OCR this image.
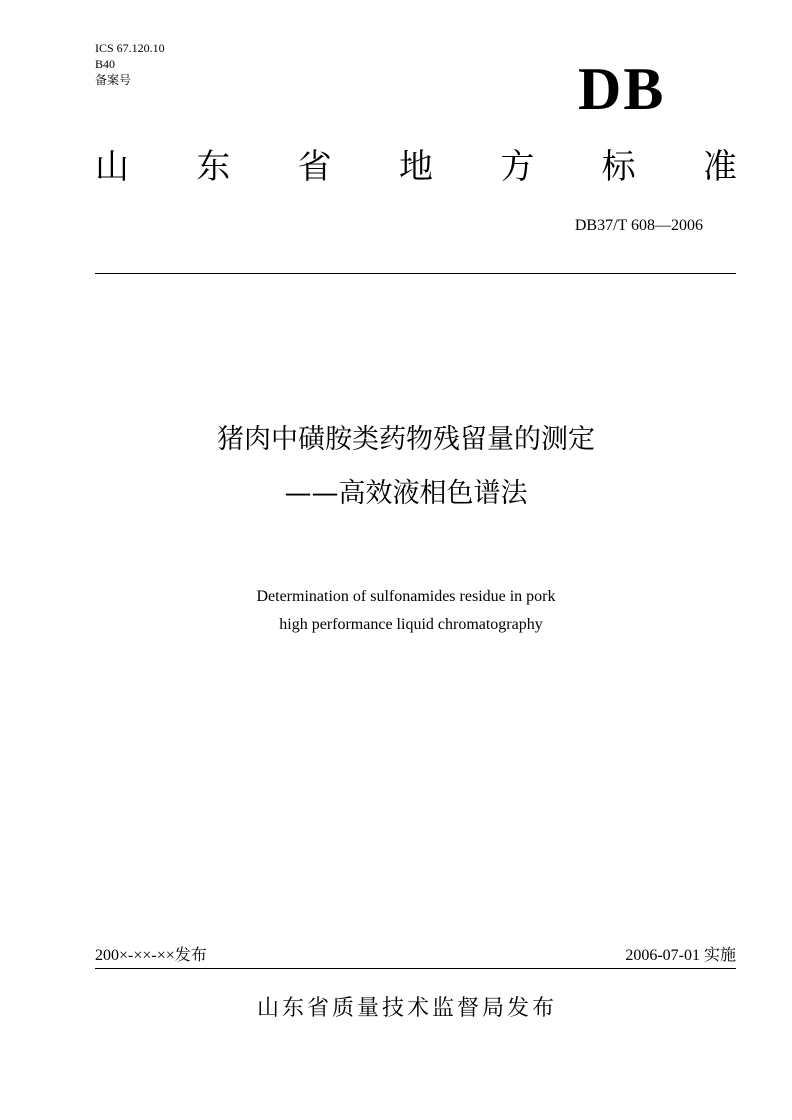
ICS 67.120.10
B40
备案号	DB
山 东 省 地 方 标 准
DB37/T 608—2006
猪肉中磺胺类药物残留量的测定
——高效液相色谱法
Determination of sulfonamides residue in pork
high performance liquid chromatography
200×-××-××发布	2006-07-01 实施
山东省质量技术监督局发布
